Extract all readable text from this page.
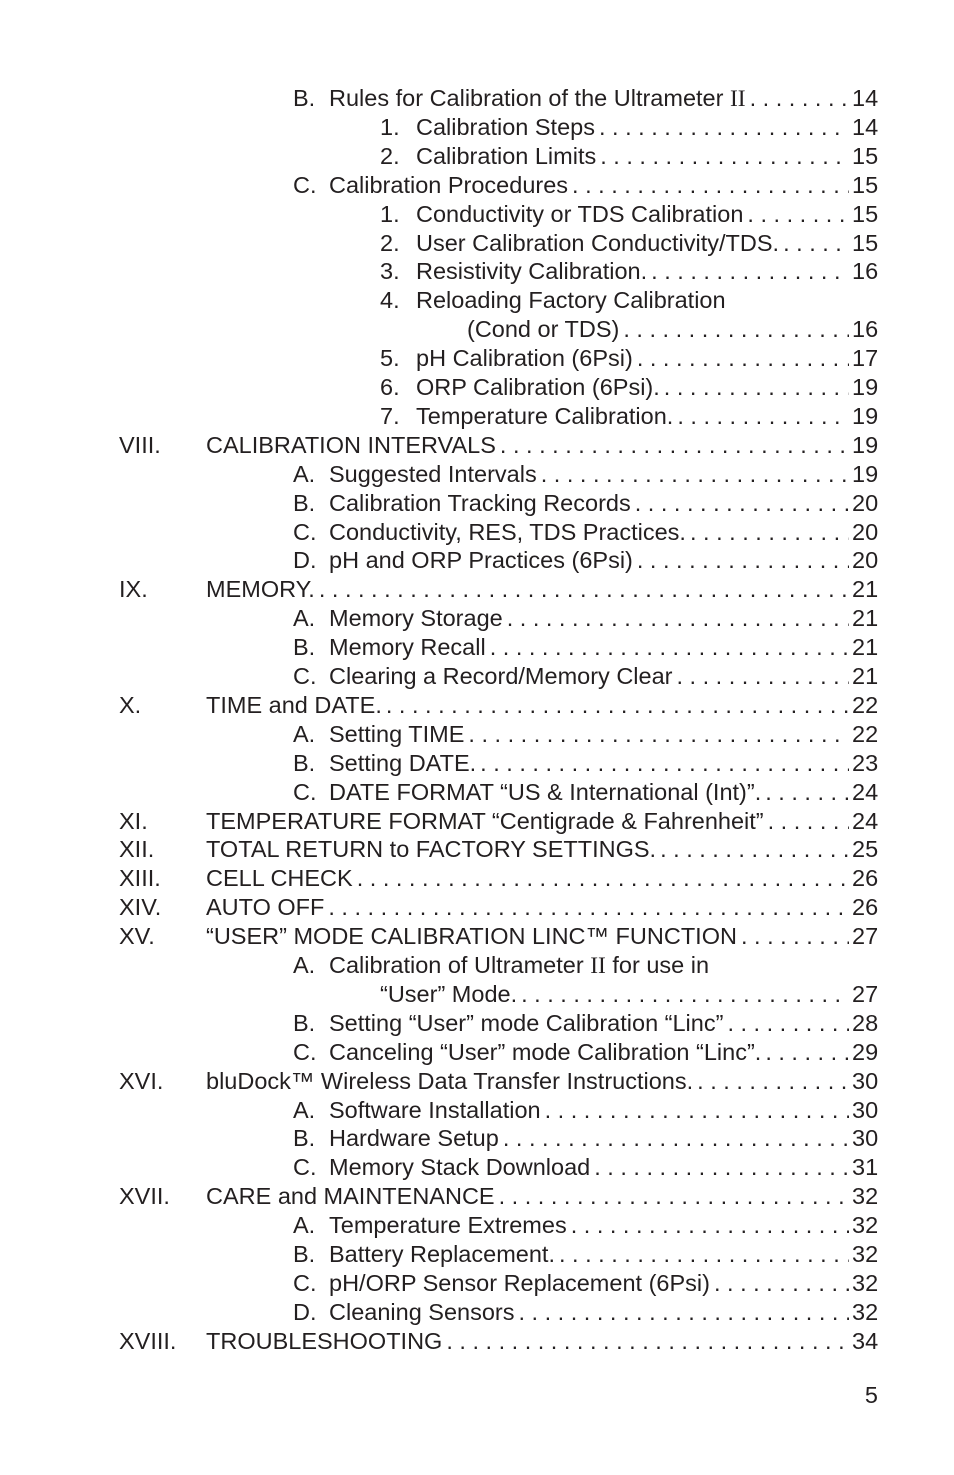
B. Rules for Calibration of the Ultrameter II . . .	14
1. Calibration Steps . . .	14
2. Calibration Limits . . .	15
C. Calibration Procedures . . .	15
1. Conductivity or TDS Calibration . . .	15
2. User Calibration Conductivity/TDS. . . .	15
3. Resistivity Calibration. . . .	16
4. Reloading Factory Calibration
(Cond or TDS) . . .	16
5. pH Calibration (6Psi) . . .	17
6. ORP Calibration (6Psi). . . .	19
7. Temperature Calibration. . . .	19
VIII. CALIBRATION INTERVALS . . .	19
A. Suggested Intervals . . .	19
B. Calibration Tracking Records . . .	20
C. Conductivity, RES, TDS Practices. . . .	20
D. pH and ORP Practices (6Psi) . . .	20
IX. MEMORY. . . .	21
A. Memory Storage . . .	21
B. Memory Recall . . .	21
C. Clearing a Record/Memory Clear . . .	21
X.	TIME and DATE. . . .	22
A. Setting TIME . . .	22
B. Setting DATE. . . .	23
C. DATE FORMAT “US & International (Int)”. . . .	24
XI. TEMPERATURE FORMAT “Centigrade & Fahrenheit” . . .	24
XII. TOTAL RETURN to FACTORY SETTINGS. . . .	25
XIII. CELL CHECK . . .	26
XIV. AUTO OFF . . .	26
XV. “USER” MODE CALIBRATION LINC™ FUNCTION . . .	27
A. Calibration of Ultrameter II for use in
“User” Mode. . . .	27
B. Setting “User” mode Calibration “Linc” . . .	28
C. Canceling “User” mode Calibration “Linc”. . . .	29
XVI. bluDock™ Wireless Data Transfer Instructions. . . .	30
A. Software Installation . . .	30
B. Hardware Setup . . .	30
C. Memory Stack Download . . .	31
XVII. CARE and MAINTENANCE . . .	32
A. Temperature Extremes . . .	32
B. Battery Replacement. . . .	32
C. pH/ORP Sensor Replacement (6Psi) . . .	32
D. Cleaning Sensors . . .	32
XVIII. TROUBLESHOOTING . . .	34
5
